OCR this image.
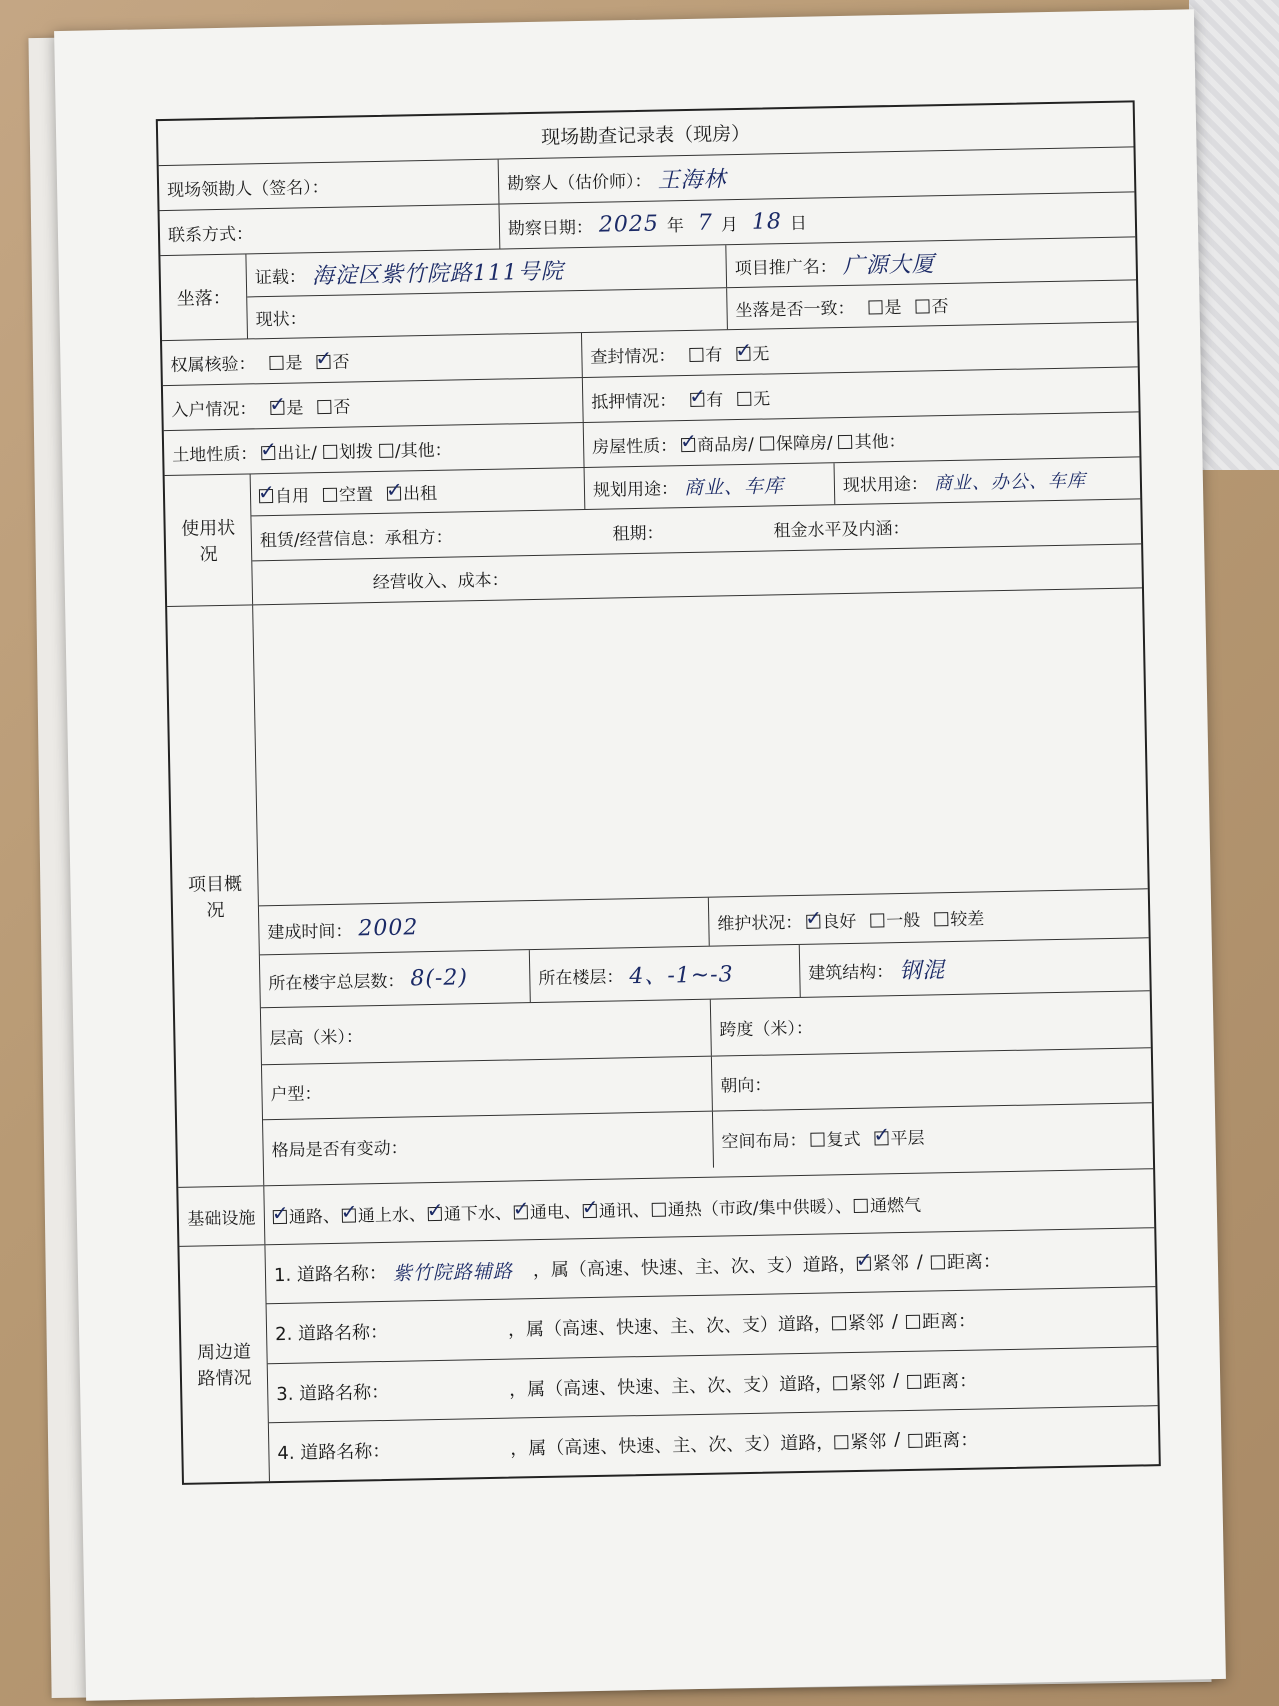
现场勘查记录表（现房）
现场领勘人（签名）：	勘察人（估价师）： 王海林
联系方式：	勘察日期： 2025 年 7 月 18 日
坐落：
证载： 海淀区紫竹院路111号院	项目推广名： 广源大厦
现状：	坐落是否一致：	是	否
权属核验：	是 ✓	否	查封情况：	有 ✓	无
入户情况： ✓	是	否	抵押情况： ✓	有	无
土地性质： ✓	出让/	划拨	/其他：	房屋性质： ✓	商品房/	保障房/	其他：
使用状况
✓自用	空置 ✓	出租	规划用途： 商业、车库	现状用途： 商业、办公、车库
租赁/经营信息：承租方：	租期：	租金水平及内涵：
经营收入、成本：
项目概况
建成时间： 2002	维护状况： ✓	良好	一般	较差
所在楼宇总层数： 8(-2)	所在楼层： 4、-1~-3	建筑结构： 钢混
层高（米）：	跨度（米）：
户型：	朝向：
格局是否有变动：	空间布局：	复式 ✓	平层
基础设施 ✓	通路、 ✓	通上水、 ✓	通下水、 ✓	通电、 ✓	通讯、	通热（市政/集中供暖）、	通燃气
周边道路情况
1. 道路名称： 紫竹院路辅路	，属（高速、快速、主、次、支）道路， ✓ 紧邻 /	距离：
2. 道路名称：	，属（高速、快速、主、次、支）道路， 紧邻 /	距离：
3. 道路名称：	，属（高速、快速、主、次、支）道路， 紧邻 /	距离：
4. 道路名称：	，属（高速、快速、主、次、支）道路， 紧邻 /	距离：
